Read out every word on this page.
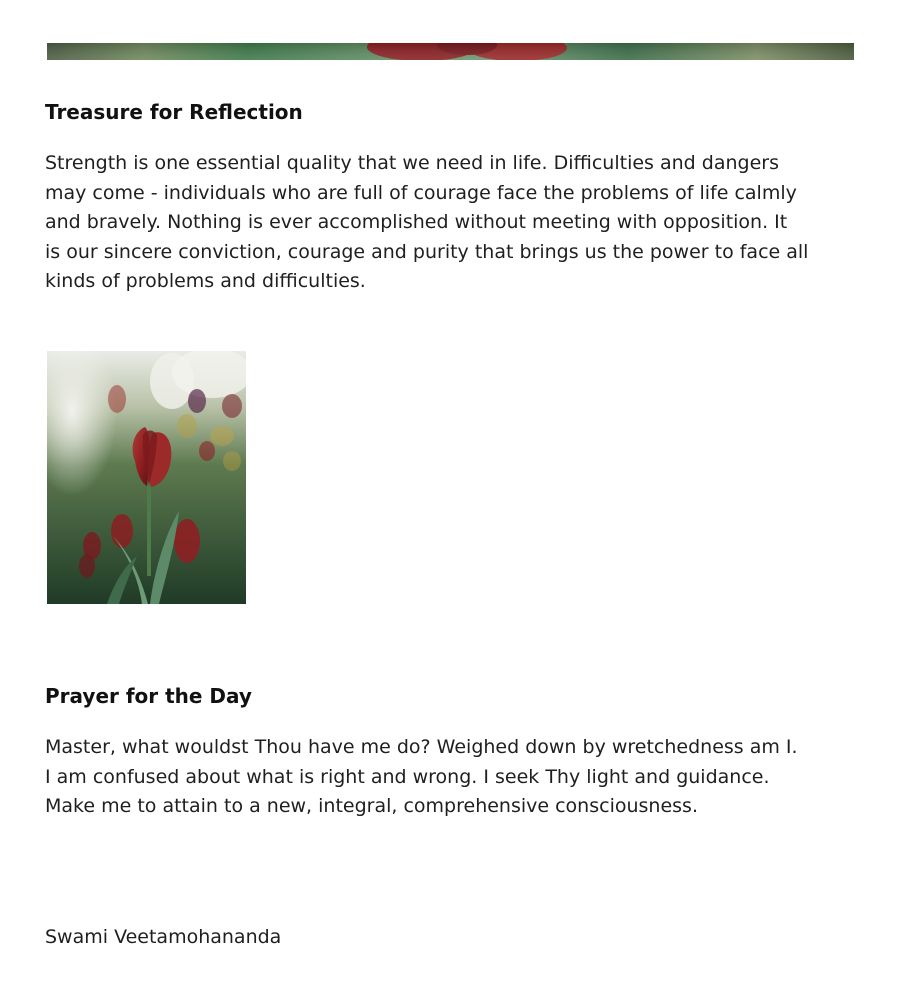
Treasure for Reflection

Strength is one essential quality that we need in life. Difficulties and dangers
may come - individuals who are full of courage face the problems of life calmly
and bravely. Nothing is ever accomplished without meeting with opposition. It
is our sincere conviction, courage and purity that brings us the power to face all
kinds of problems and difficulties.

Prayer for the Day

Master, what wouldst Thou have me do? Weighed down by wretchedness am I.
I am confused about what is right and wrong. I seek Thy light and guidance.
Make me to attain to a new, integral, comprehensive consciousness.

Swami Veetamohananda
